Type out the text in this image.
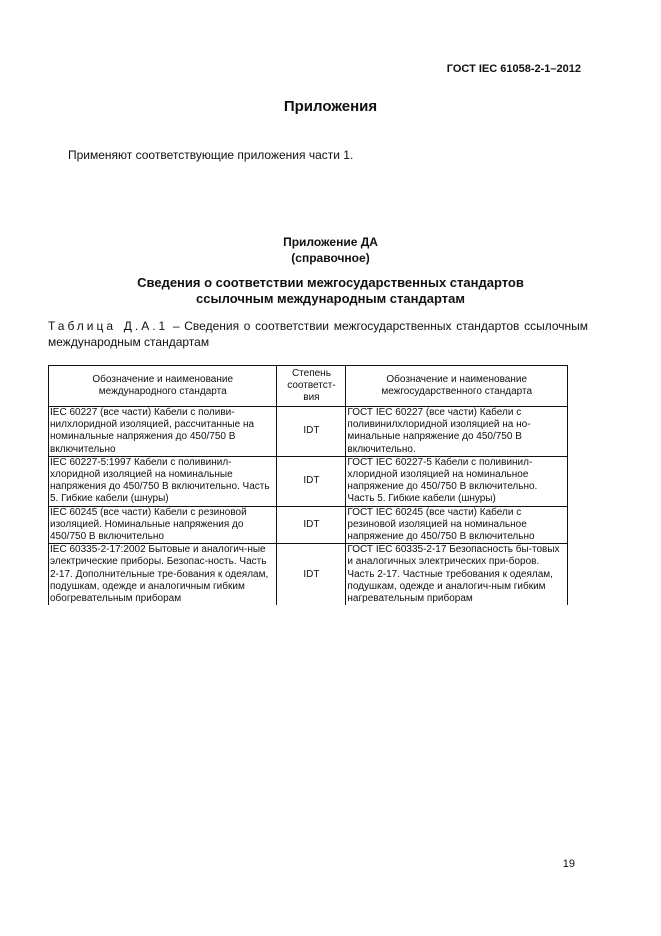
ГОСТ IEC 61058-2-1–2012
Приложения
Применяют соответствующие приложения части 1.
Приложение ДА
(справочное)
Сведения о соответствии межгосударственных стандартов
ссылочным международным стандартам
Таблица Д.А.1 – Сведения о соответствии межгосударственных стандартов ссылочным международным стандартам
Обозначение и наименование международного стандарта	Степень соответст-вия	Обозначение и наименование межгосударственного стандарта
IEC 60227 (все части) Кабели с поливи-нилхлоридной изоляцией, рассчитанные на номинальные напряжения до 450/750 В включительно	IDT	ГОСТ IEC 60227 (все части) Кабели с поливинилхлоридной изоляцией на но-минальные напряжение до 450/750 В включительно.
IEC 60227-5:1997 Кабели с поливинил-хлоридной изоляцией на номинальные напряжения до 450/750 В включительно. Часть 5. Гибкие кабели (шнуры)	IDT	ГОСТ IEC 60227-5 Кабели с поливинил-хлоридной изоляцией на номинальное напряжение до 450/750 В включительно. Часть 5. Гибкие кабели (шнуры)
IEC 60245 (все части) Кабели с резиновой изоляцией. Номинальные напряжения до 450/750 В включительно	IDT	ГОСТ IEC 60245 (все части) Кабели с резиновой изоляцией на номинальное напряжение до 450/750 В включительно
IEC 60335-2-17:2002 Бытовые и аналогич-ные электрические приборы. Безопас-ность. Часть 2-17. Дополнительные тре-бования к одеялам, подушкам, одежде и аналогичным гибким обогревательным приборам	IDT	ГОСТ IEC 60335-2-17 Безопасность бы-товых и аналогичных электрических при-боров. Часть 2-17. Частные требования к одеялам, подушкам, одежде и аналогич-ным гибким нагревательным приборам
19
